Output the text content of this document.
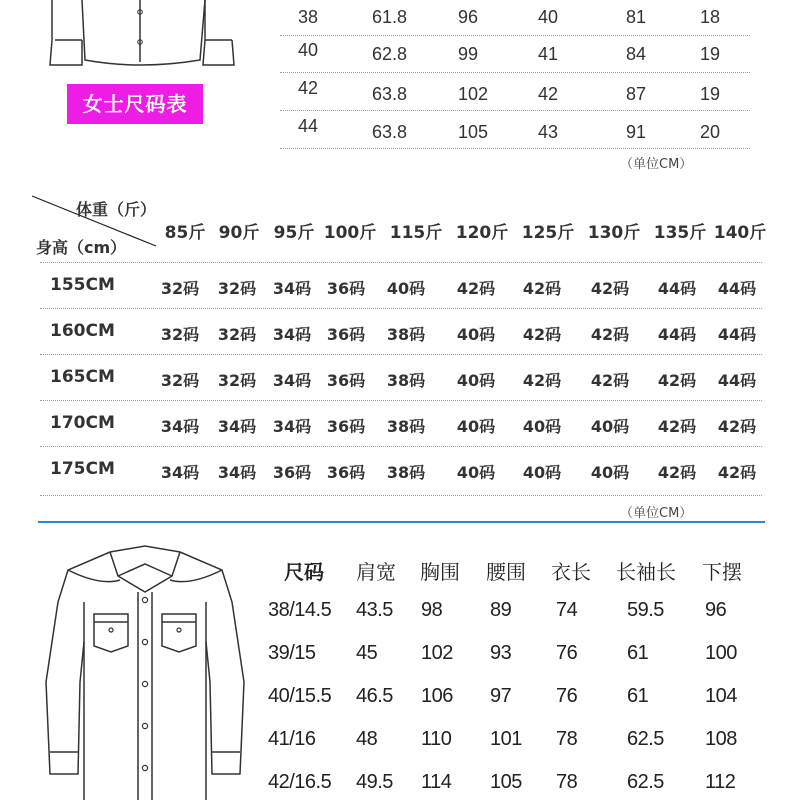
女士尺码表
38	61.8	96	40	81	18
40	62.8	99	41	84	19
42	63.8	102	42	87	19
44	63.8	105	43	91	20
（单位CM）
体重（斤）
身高（cm）
85斤 90斤 95斤 100斤 115斤 120斤 125斤 130斤 135斤 140斤
155CM	32码	32码	34码 36码	40码	42码	42码	42码	44码	44码
160CM	32码	32码	34码 36码	38码	40码	42码	42码	44码	44码
165CM	32码	32码	34码 36码	38码	40码	42码	42码	42码	44码
170CM	34码	34码	34码 36码	38码	40码	40码	40码	42码	42码
175CM	34码	34码	36码 36码	38码	40码	40码	40码	42码	42码
（单位CM）
尺码 肩宽 胸围 腰围 衣长 长袖长 下摆
38/14.5 43.5 98 89 74 59.5 96
39/15 45 102 93 76 61	100
40/15.5 46.5 106 97 76 61	104
41/16 48 110 101 78 62.5 108
42/16.5 49.5 114 105 78 62.5 112
